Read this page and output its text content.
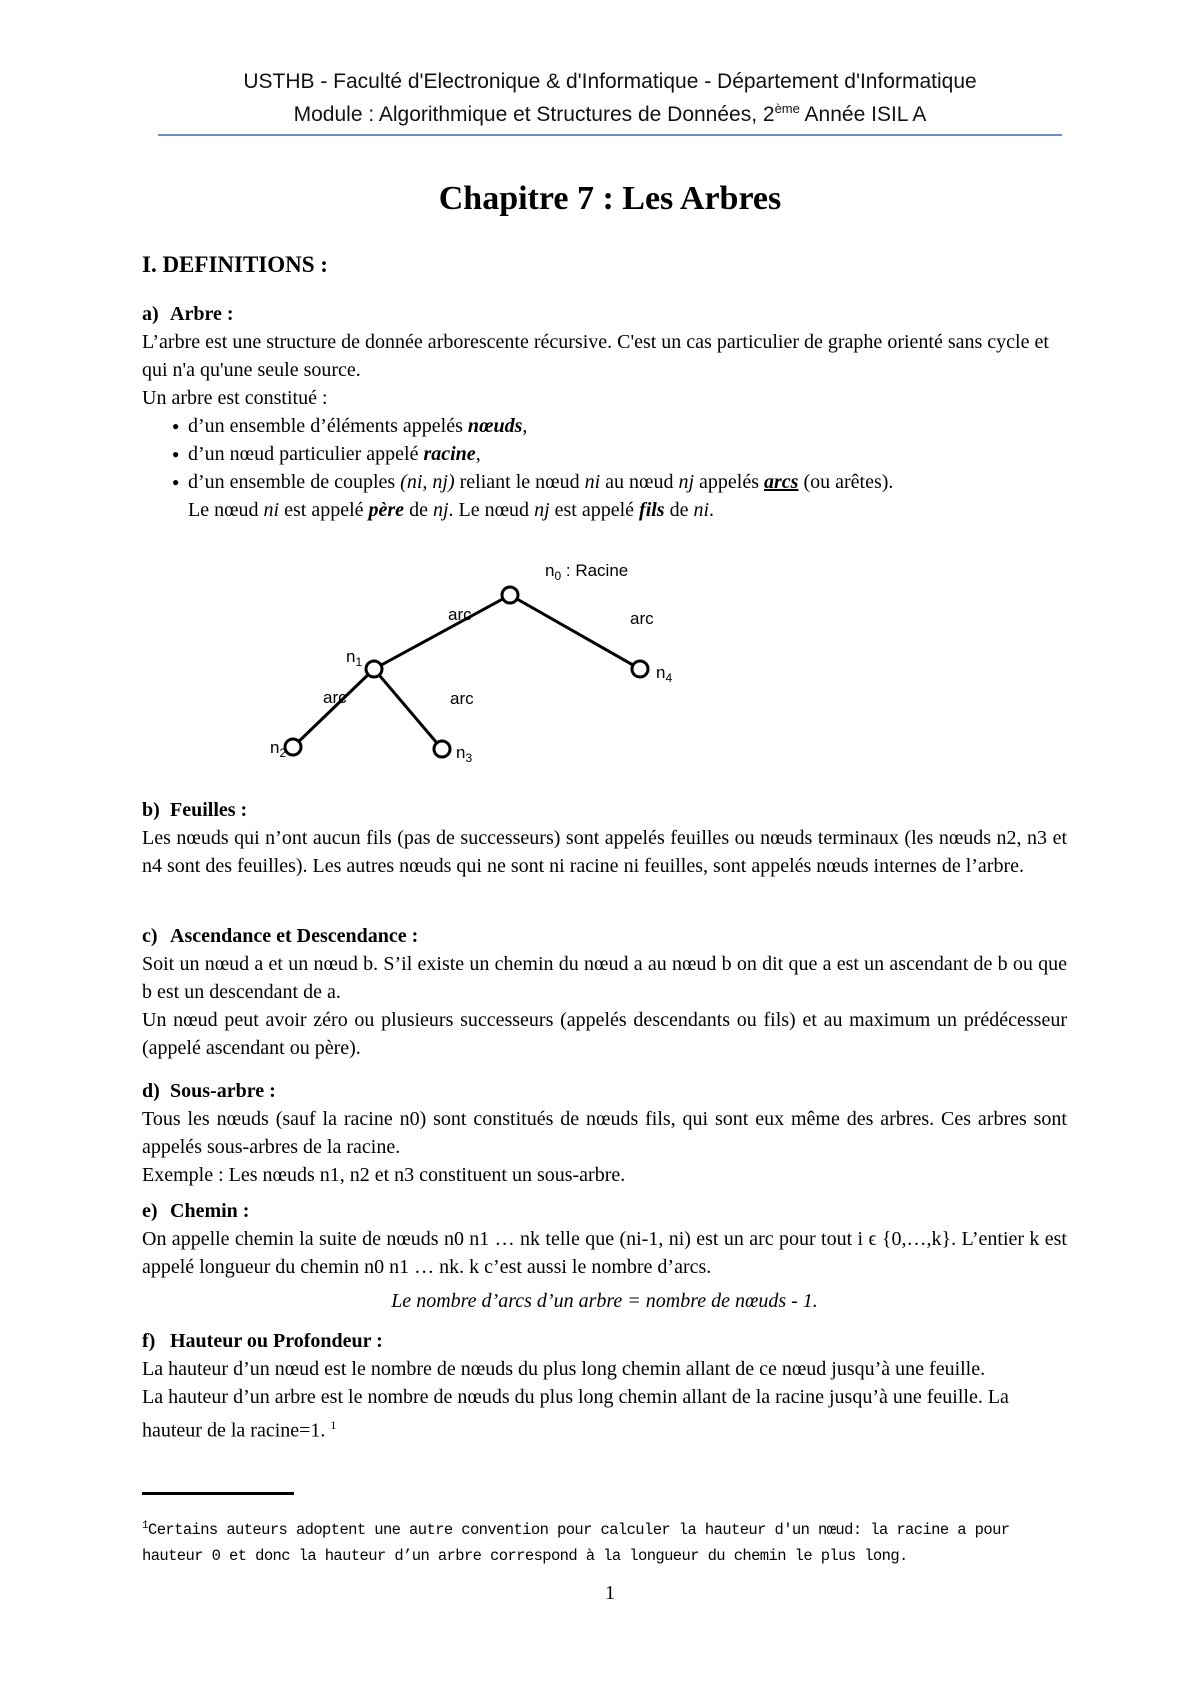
USTHB - Faculté d'Electronique & d'Informatique - Département d'Informatique
Module : Algorithmique et Structures de Données, 2ème Année ISIL A
Chapitre 7 : Les Arbres
I. DEFINITIONS :
a) Arbre :
L’arbre est une structure de donnée arborescente récursive. C'est un cas particulier de graphe orienté sans cycle et qui n'a qu'une seule source.
Un arbre est constitué :
● d’un ensemble d’éléments appelés nœuds,
● d’un nœud particulier appelé racine,
● d’un ensemble de couples (ni, nj) reliant le nœud ni au nœud nj appelés arcs (ou arêtes).
Le nœud ni est appelé père de nj. Le nœud nj est appelé fils de ni.
$n_0$ : Racine
arc	arc
$n_1$
$n_4$
arc	arc
$n_2$	$n_3$
b) Feuilles :
Les nœuds qui n’ont aucun fils (pas de successeurs) sont appelés feuilles ou nœuds terminaux (les nœuds n2, n3 et n4 sont des feuilles). Les autres nœuds qui ne sont ni racine ni feuilles, sont appelés nœuds internes de l’arbre.
c) Ascendance et Descendance :
Soit un nœud a et un nœud b. S’il existe un chemin du nœud a au nœud b on dit que a est un ascendant de b ou que b est un descendant de a.
Un nœud peut avoir zéro ou plusieurs successeurs (appelés descendants ou fils) et au maximum un prédécesseur (appelé ascendant ou père).
d) Sous-arbre :
Tous les nœuds (sauf la racine n0) sont constitués de nœuds fils, qui sont eux même des arbres. Ces arbres sont appelés sous-arbres de la racine.
Exemple : Les nœuds n1, n2 et n3 constituent un sous-arbre.
e) Chemin :
On appelle chemin la suite de nœuds n0 n1 … nk telle que (ni-1, ni) est un arc pour tout i ϵ {0,…,k}. L’entier k est appelé longueur du chemin n0 n1 … nk. k c’est aussi le nombre d’arcs.
Le nombre d’arcs d’un arbre = nombre de nœuds - 1.
f) Hauteur ou Profondeur :
La hauteur d’un nœud est le nombre de nœuds du plus long chemin allant de ce nœud jusqu’à une feuille.
La hauteur d’un arbre est le nombre de nœuds du plus long chemin allant de la racine jusqu’à une feuille. La hauteur de la racine=1. $^1$
$^1$Certains auteurs adoptent une autre convention pour calculer la hauteur d'un nœud: la racine a pour hauteur 0 et donc la hauteur d’un arbre correspond à la longueur du chemin le plus long.
1
